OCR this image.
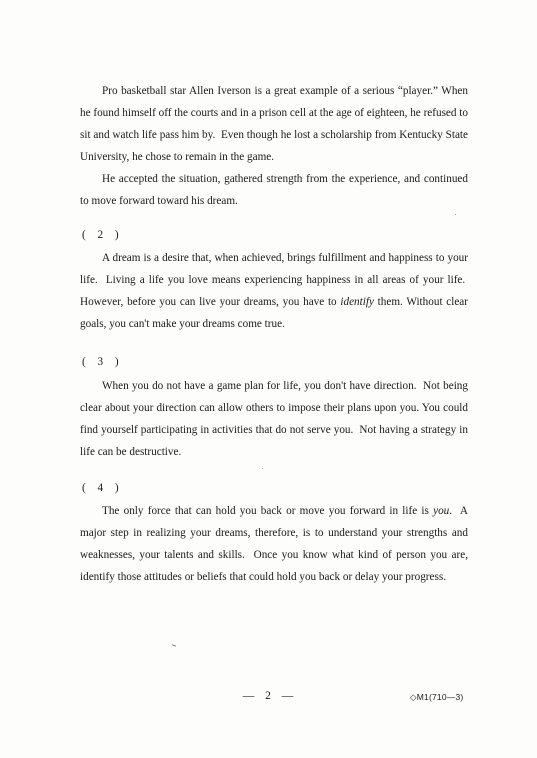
Pro basketball star Allen Iverson is a great example of a serious “player.” When he found himself off the courts and in a prison cell at the age of eighteen, he refused to sit and watch life pass him by.  Even though he lost a scholarship from Kentucky State University, he chose to remain in the game.

He accepted the situation, gathered strength from the experience, and continued to move forward toward his dream.

( 2 )

A dream is a desire that, when achieved, brings fulfillment and happiness to your life.  Living a life you love means experiencing happiness in all areas of your life.  However, before you can live your dreams, you have to identify them. Without clear goals, you can't make your dreams come true.

( 3 )

When you do not have a game plan for life, you don't have direction.  Not being clear about your direction can allow others to impose their plans upon you. You could find yourself participating in activities that do not serve you.  Not having a strategy in life can be destructive.

( 4 )

The only force that can hold you back or move you forward in life is you.  A major step in realizing your dreams, therefore, is to understand your strengths and weaknesses, your talents and skills.  Once you know what kind of person you are, identify those attitudes or beliefs that could hold you back or delay your progress.

— 2 —	◇M1(710—3)
